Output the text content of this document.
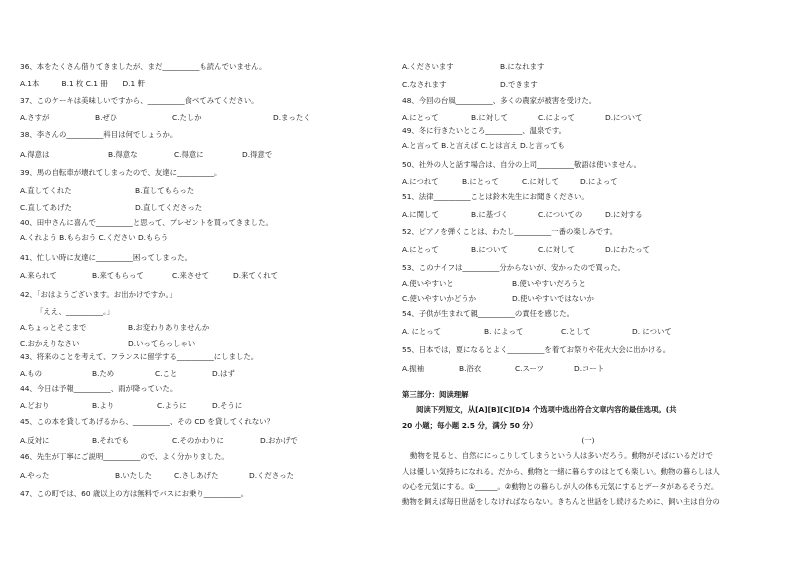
36、本をたくさん借りてきましたが、まだ__________も読んでいません。
A.1本　　　B.1 枚 C.1 冊　　D.1 軒
37、このケーキは美味しいですから、__________食べてみてください。
A.さすが	B.ぜひ	C.たしか	D.まったく
38、李さんの__________科目は何でしょうか。
A.得意は	B.得意な	C.得意に	D.得意で
39、馬の自転車が壊れてしまったので、友達に__________。
A.直してくれた	B.直してもらった
C.直してあげた	D.直してくださった
40、田中さんに喜んで__________と思って、プレゼントを買ってきました。
A.くれよう B.もらおう C.ください D.もらう
41、忙しい時に友達に__________困ってしまった。
A.来られて	B.来てもらって	C.来させて	D.来てくれて
42、「おはようございます。お出かけですか。」
「ええ、__________。」
A.ちょっとそこまで	B.お変わりありませんか
C.おかえりなさい	D.いってらっしゃい
43、将来のことを考えて、フランスに留学する__________にしました。
A.もの	B.ため	C.こと	D.はず
44、今日は予報__________、雨が降っていた。
A.どおり	B.より	C.ように	D.そうに
45、この本を貸してあげるから、__________、その CD を貸してくれない？
A.反対に	B.それでも	C.そのかわりに	D.おかげで
46、先生が丁寧にご説明__________ので、よく分かりました。
A.やった	B.いたした	C.さしあげた	D.くださった
47、この町では、60 歳以上の方は無料でバスにお乗り__________。
A.くださいます	B.になれます
C.なされます	D.できます
48、今回の台風__________、多くの農家が被害を受けた。
A.にとって	B.に対して	C.によって	D.について
49、冬に行きたいところ__________、温泉です。
A.と言って B.と言えば C.とは言え D.と言っても
50、社外の人と話す場合は、自分の上司__________敬語は使いません。
A.につれて	B.にとって	C.に対して	D.によって
51、法律__________ことは鈴木先生にお聞きください。
A.に関して	B.に基づく	C.についての	D.に対する
52、ピアノを弾くことは、わたし__________一番の楽しみです。
A.にとって	B.について	C.に対して	D.にわたって
53、このナイフは__________分からないが、安かったので買った。
A.使いやすいと	B.使いやすいだろうと
C.使いやすいかどうか	D.使いやすいではないか
54、子供が生まれて親__________の責任を感じた。
A. にとって	B. によって	C.として	D. について
55、日本では，夏になるとよく__________を着てお祭りや花火大会に出かける。
A.振袖	B.浴衣	C.スーツ	D.コート
第三部分：阅读理解
阅读下列短文，从[A][B][C][D]4 个选项中选出符合文章内容的最佳选项。(共
20 小题；每小题 2.5 分，满分 50 分）
(一)
動物を見ると、自然ににっこりしてしまうという人は多いだろう。動物がそばにいるだけで
人は優しい気持ちになれる。だから、動物と一緒に暮らすのはとても楽しい。動物の暮らしは人
の心を元気にする。①______。②動物との暮らしが人の体も元気にするとデータがあるそうだ。
動物を飼えば毎日世話をしなければならない。きちんと世話をし続けるために、飼い主は自分の
